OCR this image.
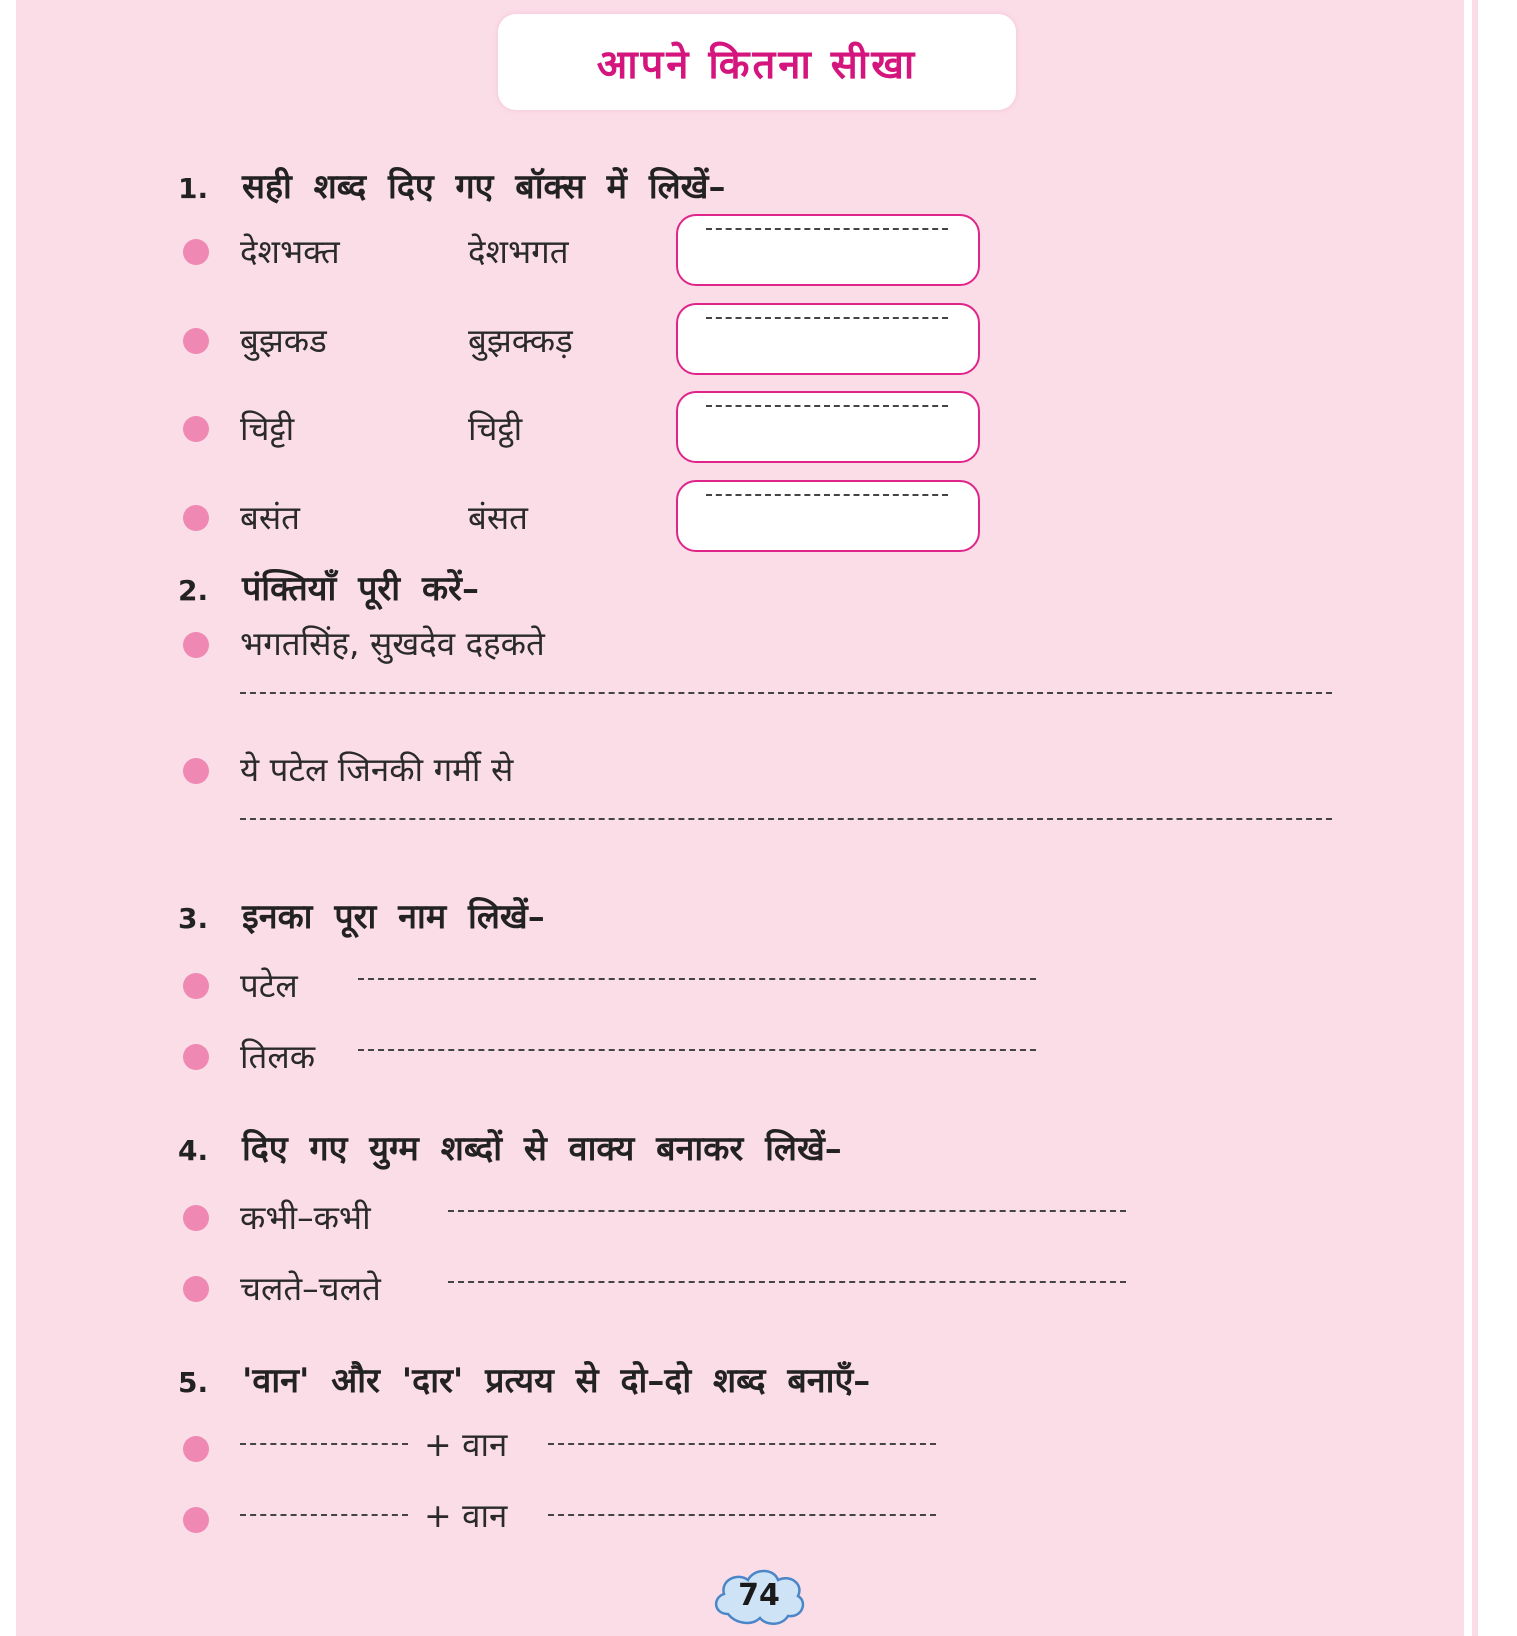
आपने कितना सीखा
1. सही शब्द दिए गए बॉक्स में लिखें–
देशभक्त	देशभगत
बुझकड	बुझक्कड़
चिट्टी	चिट्ठी
बसंत	बंसत
2. पंक्तियाँ पूरी करें–
भगतसिंह, सुखदेव दहकते
ये पटेल जिनकी गर्मी से
3. इनका पूरा नाम लिखें–
पटेल
तिलक
4. दिए गए युग्म शब्दों से वाक्य बनाकर लिखें–
कभी–कभी
चलते–चलते
5. 'वान' और 'दार' प्रत्यय से दो–दो शब्द बनाएँ–
+ वान
+ वान
74
